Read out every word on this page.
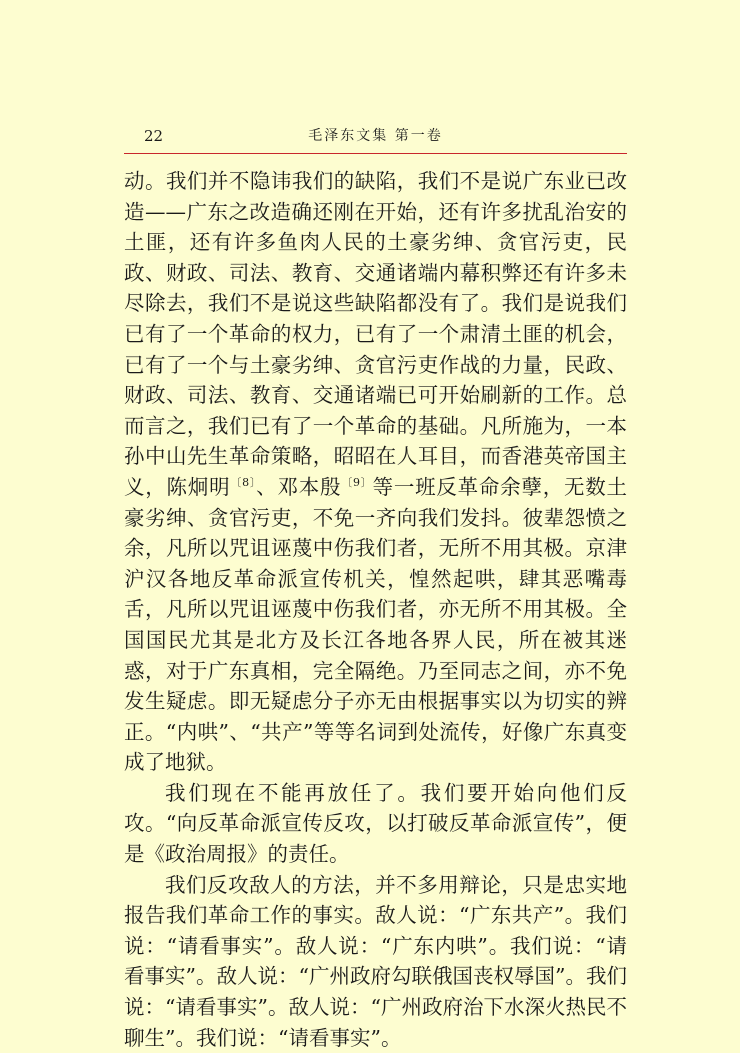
22	毛泽东文集 第一卷

动。我们并不隐讳我们的缺陷，我们不是说广东业已改造——广东之改造确还刚在开始，还有许多扰乱治安的土匪，还有许多鱼肉人民的土豪劣绅、贪官污吏，民政、财政、司法、教育、交通诸端内幕积弊还有许多未尽除去，我们不是说这些缺陷都没有了。我们是说我们已有了一个革命的权力，已有了一个肃清土匪的机会，已有了一个与土豪劣绅、贪官污吏作战的力量，民政、财政、司法、教育、交通诸端已可开始刷新的工作。总而言之，我们已有了一个革命的基础。凡所施为，一本孙中山先生革命策略，昭昭在人耳目，而香港英帝国主义，陈炯明$^{〔8〕}$、邓本殷$^{〔9〕}$等一班反革命余孽，无数土豪劣绅、贪官污吏，不免一齐向我们发抖。彼辈怨愤之余，凡所以咒诅诬蔑中伤我们者，无所不用其极。京津沪汉各地反革命派宣传机关，惶然起哄，肆其恶嘴毒舌，凡所以咒诅诬蔑中伤我们者，亦无所不用其极。全国国民尤其是北方及长江各地各界人民，所在被其迷惑，对于广东真相，完全隔绝。乃至同志之间，亦不免发生疑虑。即无疑虑分子亦无由根据事实以为切实的辨正。“内哄”、“共产”等等名词到处流传，好像广东真变成了地狱。

我们现在不能再放任了。我们要开始向他们反攻。“向反革命派宣传反攻，以打破反革命派宣传”，便是《政治周报》的责任。

我们反攻敌人的方法，并不多用辩论，只是忠实地报告我们革命工作的事实。敌人说：“广东共产”。我们说：“请看事实”。敌人说：“广东内哄”。我们说：“请看事实”。敌人说：“广州政府勾联俄国丧权辱国”。我们说：“请看事实”。敌人说：“广州政府治下水深火热民不聊生”。我们说：“请看事实”。
